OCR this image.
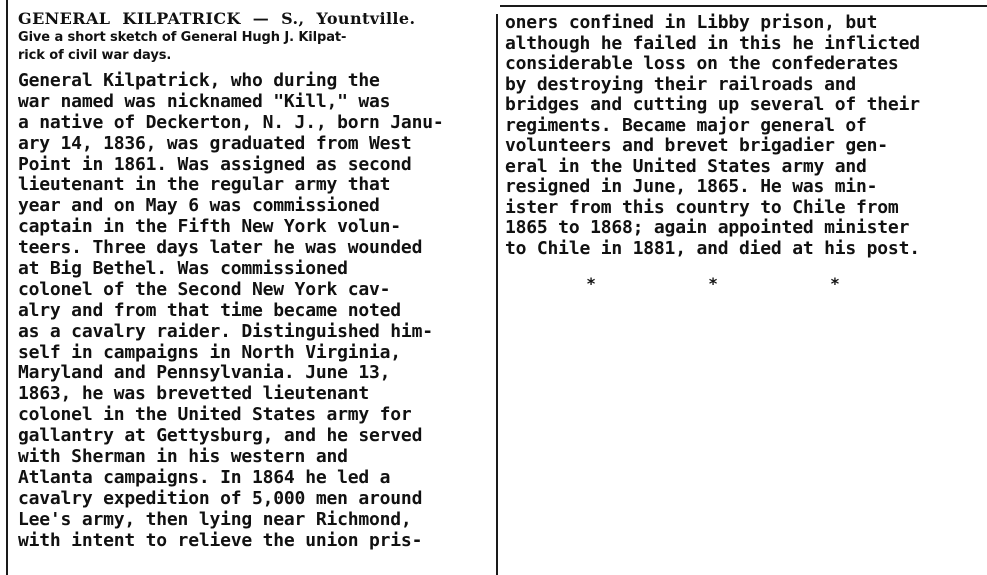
GENERAL KILPATRICK — S., Yountville.
Give a short sketch of General Hugh J. Kilpat-
rick of civil war days.
General Kilpatrick, who during the
war named was nicknamed "Kill," was
a native of Deckerton, N. J., born Janu-
ary 14, 1836, was graduated from West
Point in 1861. Was assigned as second
lieutenant in the regular army that
year and on May 6 was commissioned
captain in the Fifth New York volun-
teers. Three days later he was wounded
at Big Bethel. Was commissioned
colonel of the Second New York cav-
alry and from that time became noted
as a cavalry raider. Distinguished him-
self in campaigns in North Virginia,
Maryland and Pennsylvania. June 13,
1863, he was brevetted lieutenant
colonel in the United States army for
gallantry at Gettysburg, and he served
with Sherman in his western and
Atlanta campaigns. In 1864 he led a
cavalry expedition of 5,000 men around
Lee's army, then lying near Richmond,
with intent to relieve the union pris-
oners confined in Libby prison, but
although he failed in this he inflicted
considerable loss on the confederates
by destroying their railroads and
bridges and cutting up several of their
regiments. Became major general of
volunteers and brevet brigadier gen-
eral in the United States army and
resigned in June, 1865. He was min-
ister from this country to Chile from
1865 to 1868; again appointed minister
to Chile in 1881, and died at his post.
* * *
